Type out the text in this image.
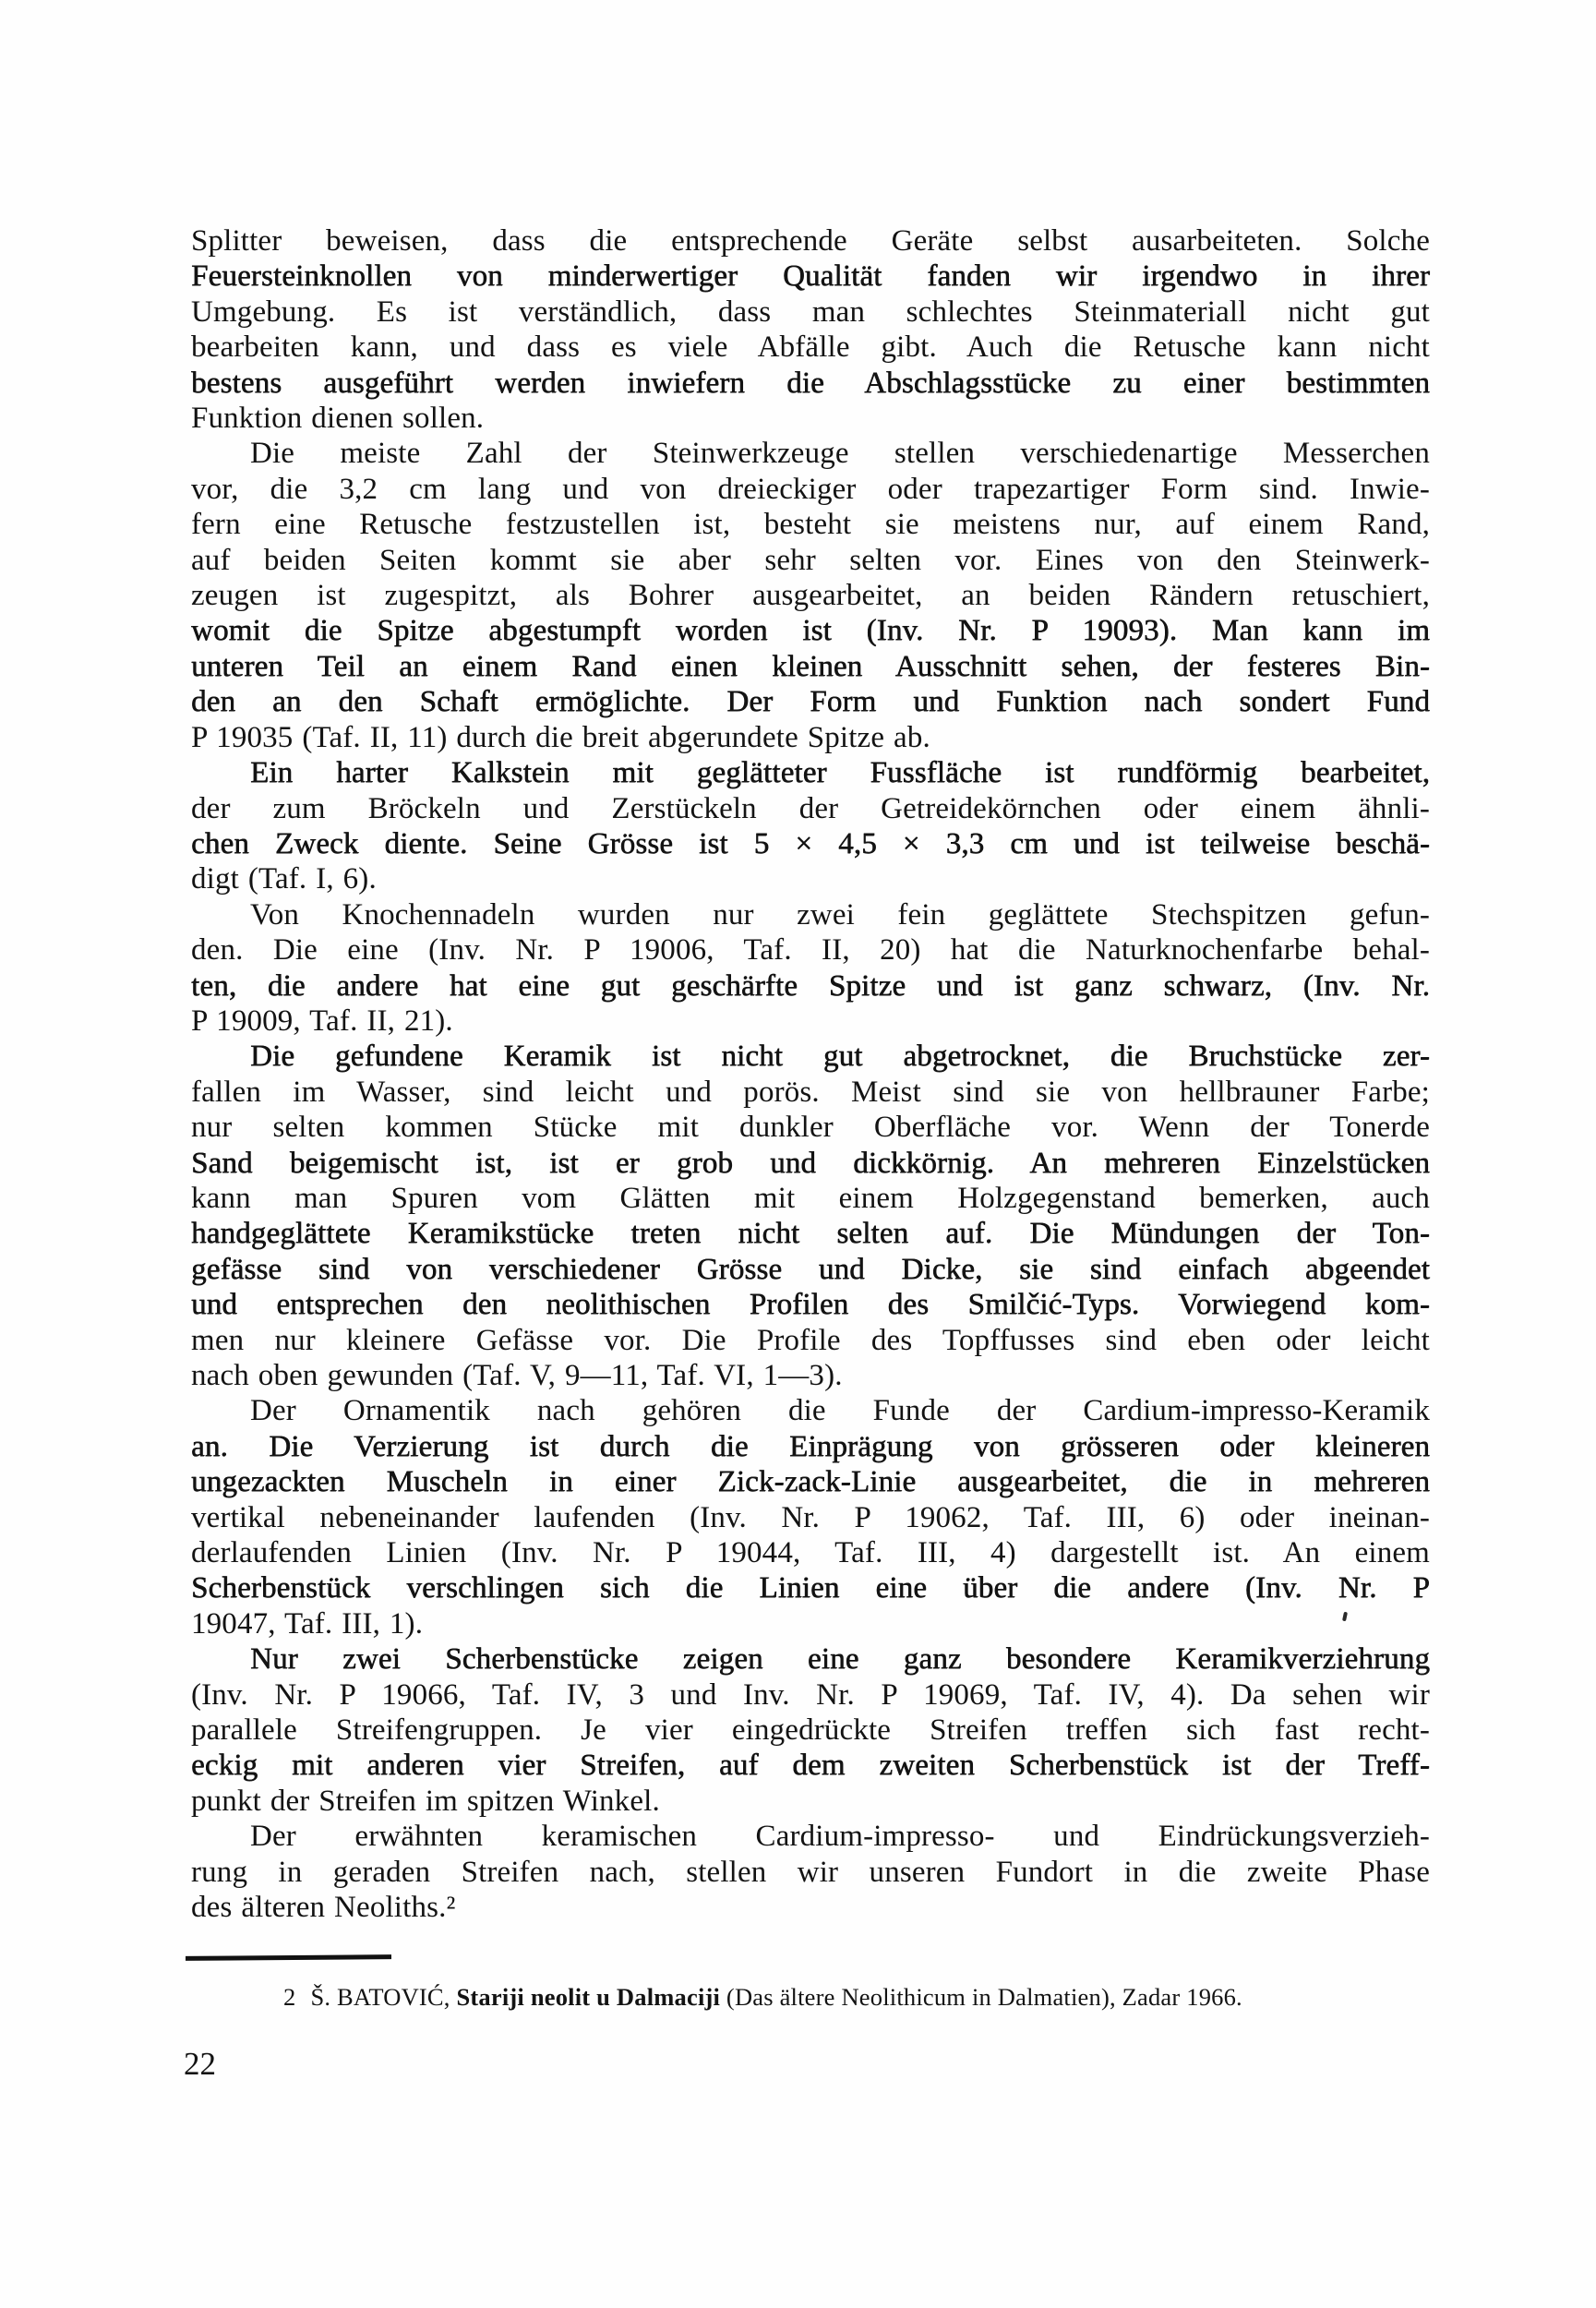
Splitter beweisen, dass die entsprechende Geräte selbst ausarbeiteten. Solche
Feuersteinknollen von minderwertiger Qualität fanden wir irgendwo in ihrer
Umgebung. Es ist verständlich, dass man schlechtes Steinmateriall nicht gut
bearbeiten kann, und dass es viele Abfälle gibt. Auch die Retusche kann nicht
bestens ausgeführt werden inwiefern die Abschlagsstücke zu einer bestimmten
Funktion dienen sollen.

Die meiste Zahl der Steinwerkzeuge stellen verschiedenartige Messerchen
vor, die 3,2 cm lang und von dreieckiger oder trapezartiger Form sind. Inwie-
fern eine Retusche festzustellen ist, besteht sie meistens nur, auf einem Rand,
auf beiden Seiten kommt sie aber sehr selten vor. Eines von den Steinwerk-
zeugen ist zugespitzt, als Bohrer ausgearbeitet, an beiden Rändern retuschiert,
womit die Spitze abgestumpft worden ist (Inv. Nr. P 19093). Man kann im
unteren Teil an einem Rand einen kleinen Ausschnitt sehen, der festeres Bin-
den an den Schaft ermöglichte. Der Form und Funktion nach sondert Fund
P 19035 (Taf. II, 11) durch die breit abgerundete Spitze ab.

Ein harter Kalkstein mit geglätteter Fussfläche ist rundförmig bearbeitet,
der zum Bröckeln und Zerstückeln der Getreidekörnchen oder einem ähnli-
chen Zweck diente. Seine Grösse ist 5 × 4,5 × 3,3 cm und ist teilweise beschä-
digt (Taf. I, 6).

Von Knochennadeln wurden nur zwei fein geglättete Stechspitzen gefun-
den. Die eine (Inv. Nr. P 19006, Taf. II, 20) hat die Naturknochenfarbe behal-
ten, die andere hat eine gut geschärfte Spitze und ist ganz schwarz, (Inv. Nr.
P 19009, Taf. II, 21).

Die gefundene Keramik ist nicht gut abgetrocknet, die Bruchstücke zer-
fallen im Wasser, sind leicht und porös. Meist sind sie von hellbrauner Farbe;
nur selten kommen Stücke mit dunkler Oberfläche vor. Wenn der Tonerde
Sand beigemischt ist, ist er grob und dickkörnig. An mehreren Einzelstücken
kann man Spuren vom Glätten mit einem Holzgegenstand bemerken, auch
handgeglättete Keramikstücke treten nicht selten auf. Die Mündungen der Ton-
gefässe sind von verschiedener Grösse und Dicke, sie sind einfach abgeendet
und entsprechen den neolithischen Profilen des Smilčić-Typs. Vorwiegend kom-
men nur kleinere Gefässe vor. Die Profile des Topffusses sind eben oder leicht
nach oben gewunden (Taf. V, 9—11, Taf. VI, 1—3).

Der Ornamentik nach gehören die Funde der Cardium-impresso-Keramik
an. Die Verzierung ist durch die Einprägung von grösseren oder kleineren
ungezackten Muscheln in einer Zick-zack-Linie ausgearbeitet, die in mehreren
vertikal nebeneinander laufenden (Inv. Nr. P 19062, Taf. III, 6) oder ineinan-
derlaufenden Linien (Inv. Nr. P 19044, Taf. III, 4) dargestellt ist. An einem
Scherbenstück verschlingen sich die Linien eine über die andere (Inv. Nr. P
19047, Taf. III, 1).

Nur zwei Scherbenstücke zeigen eine ganz besondere Keramikverziehrung
(Inv. Nr. P 19066, Taf. IV, 3 und Inv. Nr. P 19069, Taf. IV, 4). Da sehen wir
parallele Streifengruppen. Je vier eingedrückte Streifen treffen sich fast recht-
eckig mit anderen vier Streifen, auf dem zweiten Scherbenstück ist der Treff-
punkt der Streifen im spitzen Winkel.

Der erwähnten keramischen Cardium-impresso- und Eindrückungsverzieh-
rung in geraden Streifen nach, stellen wir unseren Fundort in die zweite Phase
des älteren Neoliths.²

2 Š. BATOVIĆ, Stariji neolit u Dalmaciji (Das ältere Neolithicum in Dalmatien), Zadar 1966.
22
